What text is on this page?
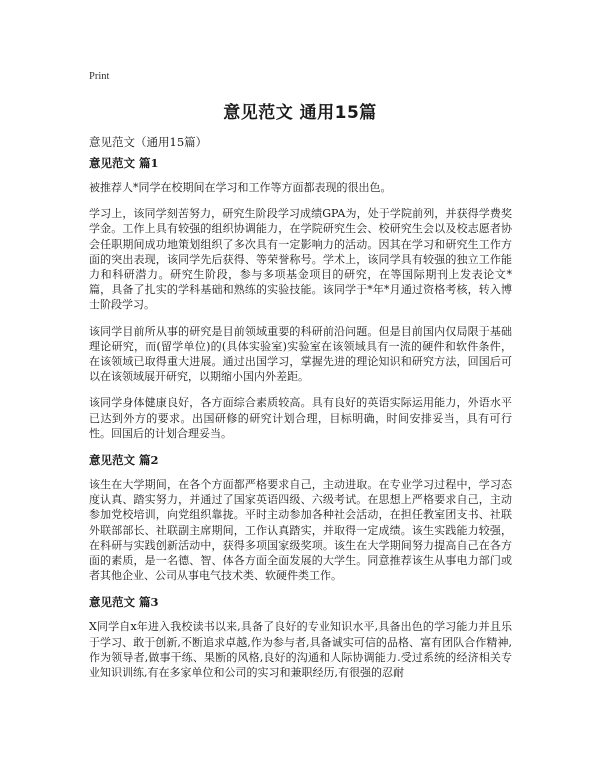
Print
意见范文 通用15篇

意见范文（通用15篇）

意见范文 篇1

被推荐人*同学在校期间在学习和工作等方面都表现的很出色。

学习上，该同学刻苦努力，研究生阶段学习成绩GPA为，处于学院前列，并获得学费奖学金。工作上具有较强的组织协调能力，在学院研究生会、校研究生会以及校志愿者协会任职期间成功地策划组织了多次具有一定影响力的活动。因其在学习和研究生工作方面的突出表现，该同学先后获得、等荣誉称号。学术上，该同学具有较强的独立工作能力和科研潜力。研究生阶段，参与多项基金项目的研究，在等国际期刊上发表论文*篇，具备了扎实的学科基础和熟练的实验技能。该同学于*年*月通过资格考核，转入博士阶段学习。

该同学目前所从事的研究是目前领域重要的科研前沿问题。但是目前国内仅局限于基础理论研究，而(留学单位)的(具体实验室)实验室在该领域具有一流的硬件和软件条件，在该领域已取得重大进展。通过出国学习，掌握先进的理论知识和研究方法，回国后可以在该领域展开研究，以期缩小国内外差距。

该同学身体健康良好，各方面综合素质较高。具有良好的英语实际运用能力，外语水平已达到外方的要求。出国研修的研究计划合理，目标明确，时间安排妥当，具有可行性。回国后的计划合理妥当。

意见范文 篇2

该生在大学期间，在各个方面都严格要求自己，主动进取。在专业学习过程中，学习态度认真、踏实努力，并通过了国家英语四级、六级考试。在思想上严格要求自己，主动参加党校培训，向党组织靠拢。平时主动参加各种社会活动，在担任教室团支书、社联外联部部长、社联副主席期间，工作认真踏实，并取得一定成绩。该生实践能力较强，在科研与实践创新活动中，获得多项国家级奖项。该生在大学期间努力提高自己在各方面的素质，是一名德、智、体各方面全面发展的大学生。同意推荐该生从事电力部门或者其他企业、公司从事电气技术类、软硬件类工作。

意见范文 篇3

X同学自x年进入我校读书以来,具备了良好的专业知识水平,具备出色的学习能力并且乐于学习、敢于创新,不断追求卓越,作为参与者,具备诚实可信的品格、富有团队合作精神,作为领导者,做事干练、果断的风格,良好的沟通和人际协调能力.受过系统的经济相关专业知识训练,有在多家单位和公司的实习和兼职经历,有很强的忍耐
